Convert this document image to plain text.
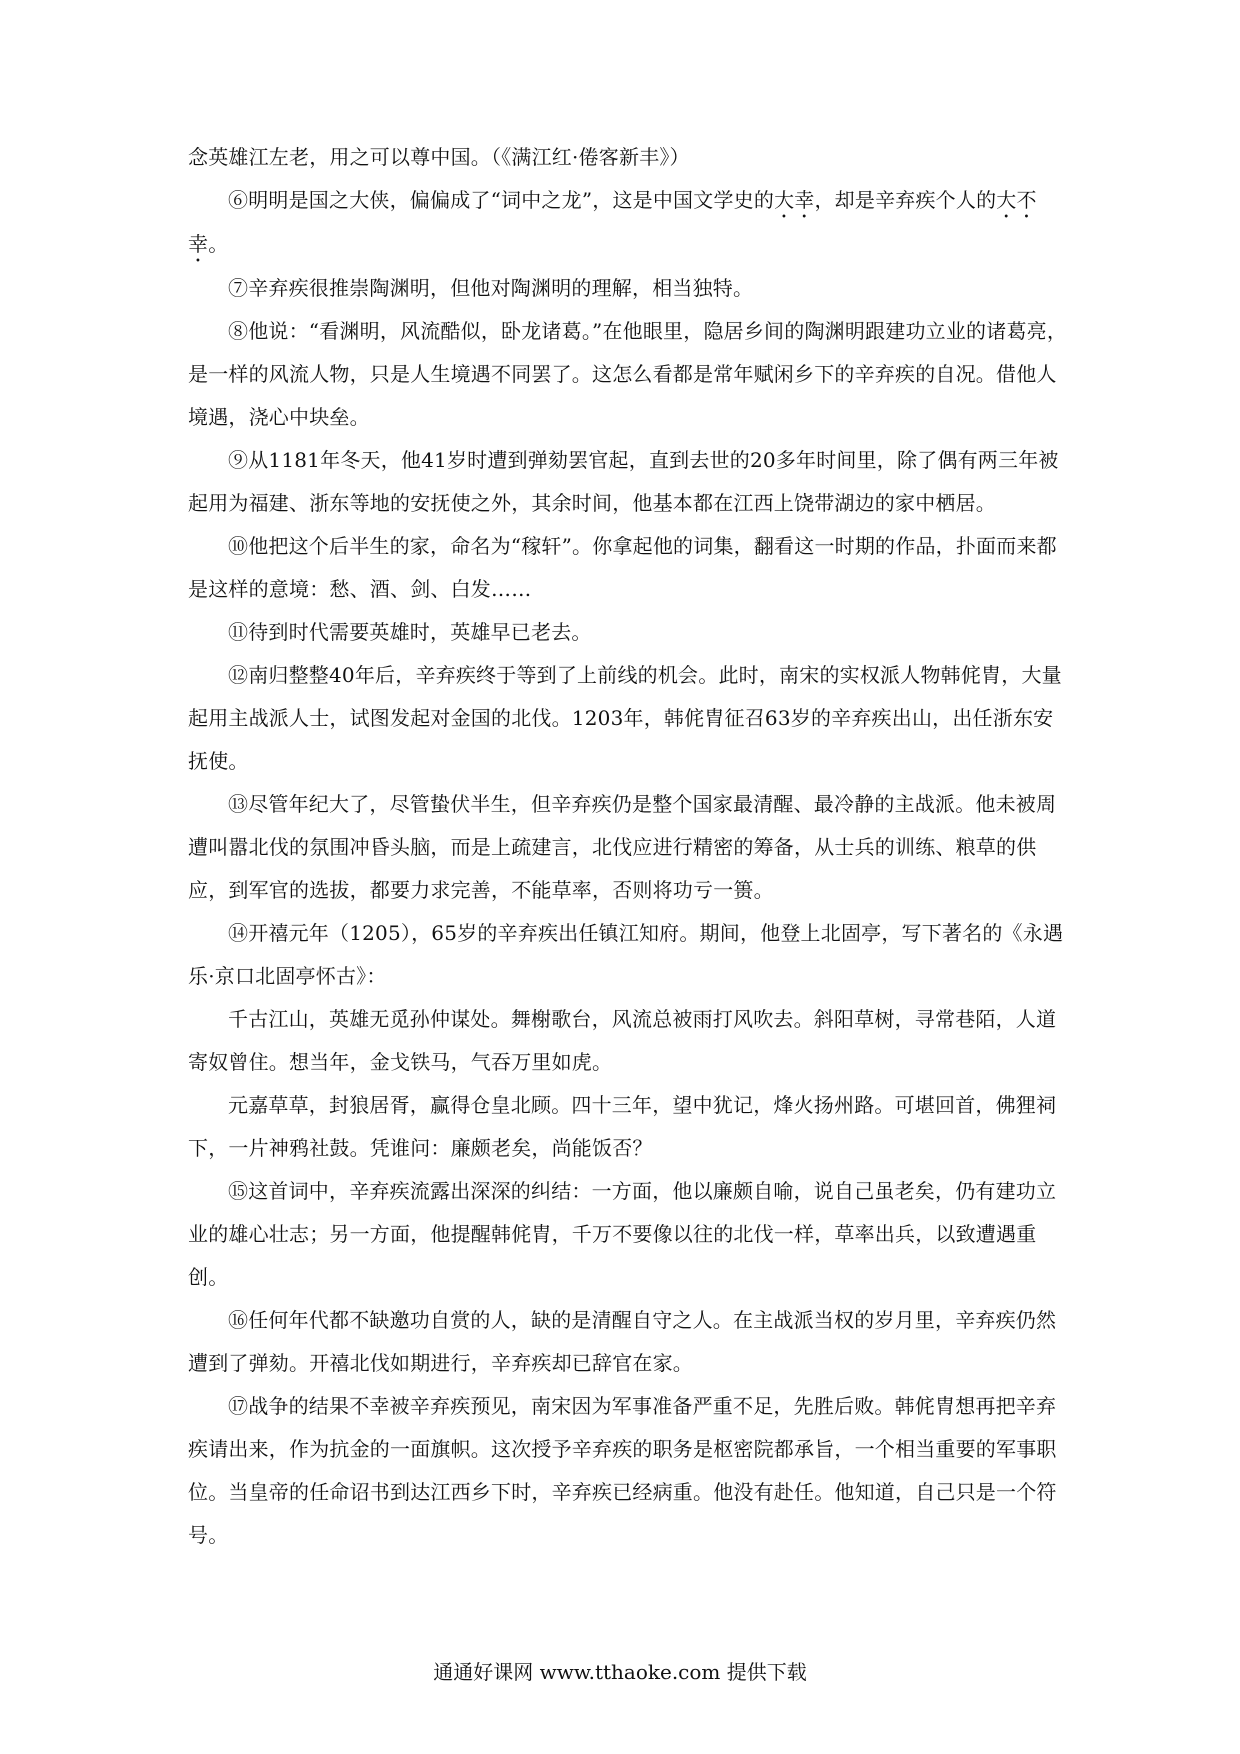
念英雄江左老，用之可以尊中国。（《满江红·倦客新丰》）

⑥明明是国之大侠，偏偏成了“词中之龙”，这是中国文学史的大幸，却是辛弃疾个人的大不幸。

⑦辛弃疾很推崇陶渊明，但他对陶渊明的理解，相当独特。

⑧他说：“看渊明，风流酷似，卧龙诸葛。”在他眼里，隐居乡间的陶渊明跟建功立业的诸葛亮，是一样的风流人物，只是人生境遇不同罢了。这怎么看都是常年赋闲乡下的辛弃疾的自况。借他人境遇，浇心中块垒。

⑨从1181年冬天，他41岁时遭到弹劾罢官起，直到去世的20多年时间里，除了偶有两三年被起用为福建、浙东等地的安抚使之外，其余时间，他基本都在江西上饶带湖边的家中栖居。

⑩他把这个后半生的家，命名为“稼轩”。你拿起他的词集，翻看这一时期的作品，扑面而来都是这样的意境：愁、酒、剑、白发……

⑪待到时代需要英雄时，英雄早已老去。

⑫南归整整40年后，辛弃疾终于等到了上前线的机会。此时，南宋的实权派人物韩侂胄，大量起用主战派人士，试图发起对金国的北伐。1203年，韩侂胄征召63岁的辛弃疾出山，出任浙东安抚使。

⑬尽管年纪大了，尽管蛰伏半生，但辛弃疾仍是整个国家最清醒、最冷静的主战派。他未被周遭叫嚣北伐的氛围冲昏头脑，而是上疏建言，北伐应进行精密的筹备，从士兵的训练、粮草的供应，到军官的选拔，都要力求完善，不能草率，否则将功亏一篑。

⑭开禧元年（1205），65岁的辛弃疾出任镇江知府。期间，他登上北固亭，写下著名的《永遇乐·京口北固亭怀古》：

千古江山，英雄无觅孙仲谋处。舞榭歌台，风流总被雨打风吹去。斜阳草树，寻常巷陌，人道寄奴曾住。想当年，金戈铁马，气吞万里如虎。

元嘉草草，封狼居胥，赢得仓皇北顾。四十三年，望中犹记，烽火扬州路。可堪回首，佛狸祠下，一片神鸦社鼓。凭谁问：廉颇老矣，尚能饭否？

⑮这首词中，辛弃疾流露出深深的纠结：一方面，他以廉颇自喻，说自己虽老矣，仍有建功立业的雄心壮志；另一方面，他提醒韩侂胄，千万不要像以往的北伐一样，草率出兵，以致遭遇重创。

⑯任何年代都不缺邀功自赏的人，缺的是清醒自守之人。在主战派当权的岁月里，辛弃疾仍然遭到了弹劾。开禧北伐如期进行，辛弃疾却已辞官在家。

⑰战争的结果不幸被辛弃疾预见，南宋因为军事准备严重不足，先胜后败。韩侂胄想再把辛弃疾请出来，作为抗金的一面旗帜。这次授予辛弃疾的职务是枢密院都承旨，一个相当重要的军事职位。当皇帝的任命诏书到达江西乡下时，辛弃疾已经病重。他没有赴任。他知道，自己只是一个符号。

通通好课网 www.tthaoke.com 提供下载
